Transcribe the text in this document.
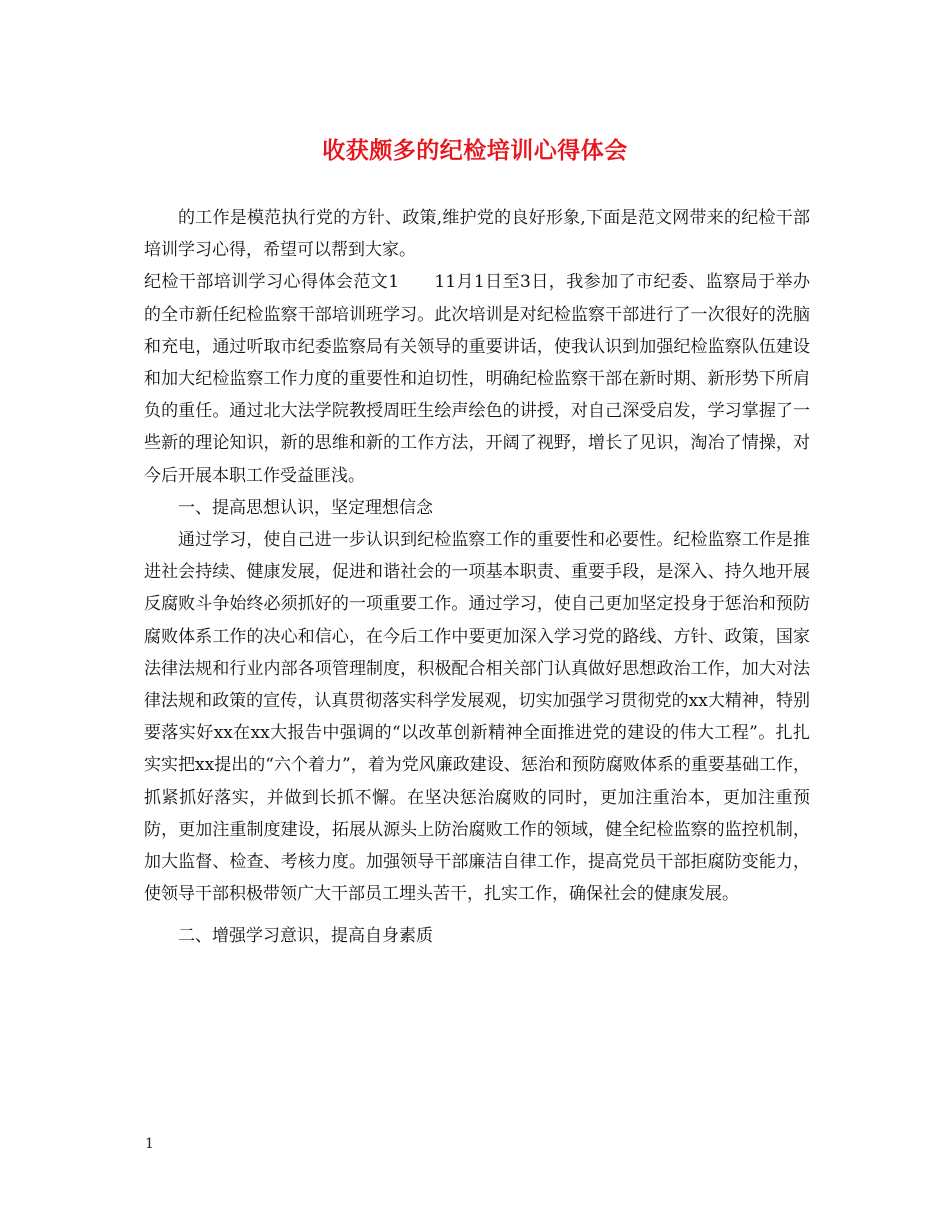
收获颇多的纪检培训心得体会

的工作是模范执行党的方针、政策,维护党的良好形象,下面是范文网带来的纪检干部培训学习心得，希望可以帮到大家。

纪检干部培训学习心得体会范文1　　11月1日至3日，我参加了市纪委、监察局于举办的全市新任纪检监察干部培训班学习。此次培训是对纪检监察干部进行了一次很好的洗脑和充电，通过听取市纪委监察局有关领导的重要讲话，使我认识到加强纪检监察队伍建设和加大纪检监察工作力度的重要性和迫切性，明确纪检监察干部在新时期、新形势下所肩负的重任。通过北大法学院教授周旺生绘声绘色的讲授，对自己深受启发，学习掌握了一些新的理论知识，新的思维和新的工作方法，开阔了视野，增长了见识，淘冶了情操，对今后开展本职工作受益匪浅。

一、提高思想认识，坚定理想信念

通过学习，使自己进一步认识到纪检监察工作的重要性和必要性。纪检监察工作是推进社会持续、健康发展，促进和谐社会的一项基本职责、重要手段，是深入、持久地开展反腐败斗争始终必须抓好的一项重要工作。通过学习，使自己更加坚定投身于惩治和预防腐败体系工作的决心和信心，在今后工作中要更加深入学习党的路线、方针、政策，国家法律法规和行业内部各项管理制度，积极配合相关部门认真做好思想政治工作，加大对法律法规和政策的宣传，认真贯彻落实科学发展观，切实加强学习贯彻党的xx大精神，特别要落实好xx在xx大报告中强调的“以改革创新精神全面推进党的建设的伟大工程”。扎扎实实把xx提出的“六个着力”，着为党风廉政建设、惩治和预防腐败体系的重要基础工作，抓紧抓好落实，并做到长抓不懈。在坚决惩治腐败的同时，更加注重治本，更加注重预防，更加注重制度建设，拓展从源头上防治腐败工作的领域，健全纪检监察的监控机制，加大监督、检查、考核力度。加强领导干部廉洁自律工作，提高党员干部拒腐防变能力，使领导干部积极带领广大干部员工埋头苦干，扎实工作，确保社会的健康发展。

二、增强学习意识，提高自身素质

1
